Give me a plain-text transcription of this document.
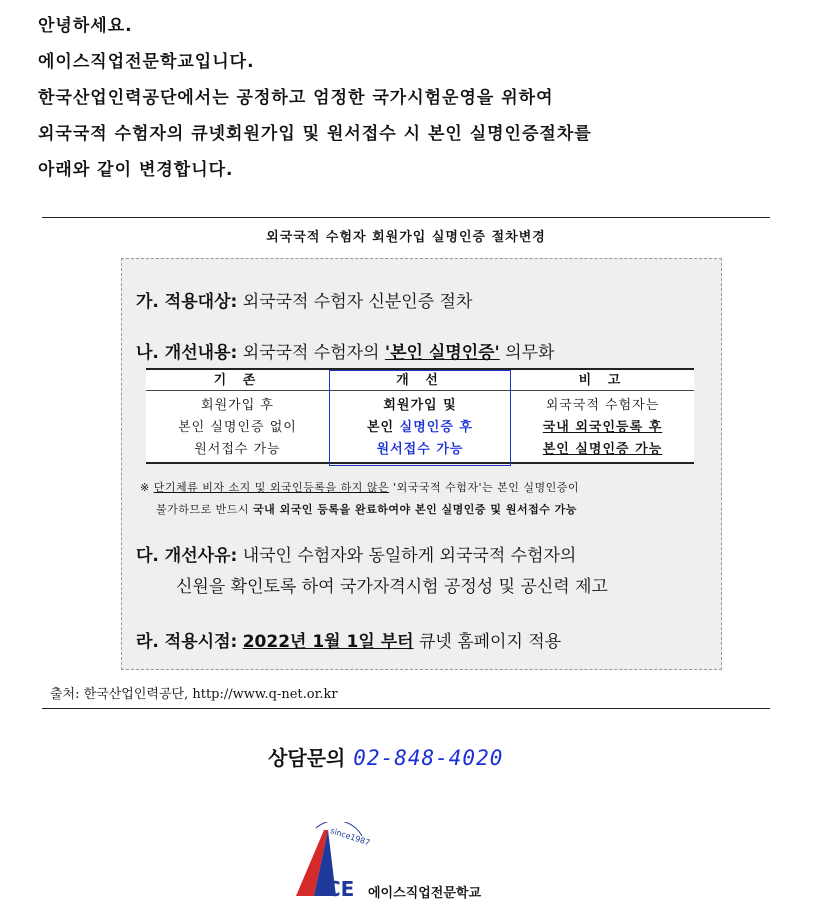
안녕하세요.

에이스직업전문학교입니다.

한국산업인력공단에서는 공정하고 엄정한 국가시험운영을 위하여

외국국적 수험자의 큐넷회원가입 및 원서접수 시 본인 실명인증절차를

아래와 같이 변경합니다.

외국국적 수험자 회원가입 실명인증 절차변경
가. 적용대상: 외국국적 수험자 신분인증 절차
나. 개선내용: 외국국적 수험자의 '본인 실명인증' 의무화
기 존	개 선	비 고
회원가입 후
본인 실명인증 없이
원서접수 가능
회원가입 및
본인 실명인증 후
원서접수 가능
외국국적 수험자는
국내 외국인등록 후
본인 실명인증 가능
※ 단기체류 비자 소지 및 외국인등록을 하지 않은 '외국국적 수험자'는 본인 실명인증이
불가하므로 반드시 국내 외국인 등록을 완료하여야 본인 실명인증 및 원서접수 가능
다. 개선사유: 내국인 수험자와 동일하게 외국국적 수험자의
신원을 확인토록 하여 국가자격시험 공정성 및 공신력 제고
라. 적용시점: 2022년 1월 1일 부터 큐넷 홈페이지 적용
출처: 한국산업인력공단, http://www.q-net.or.kr
상담문의 02-848-4020
since1987
CE 에이스직업전문학교
